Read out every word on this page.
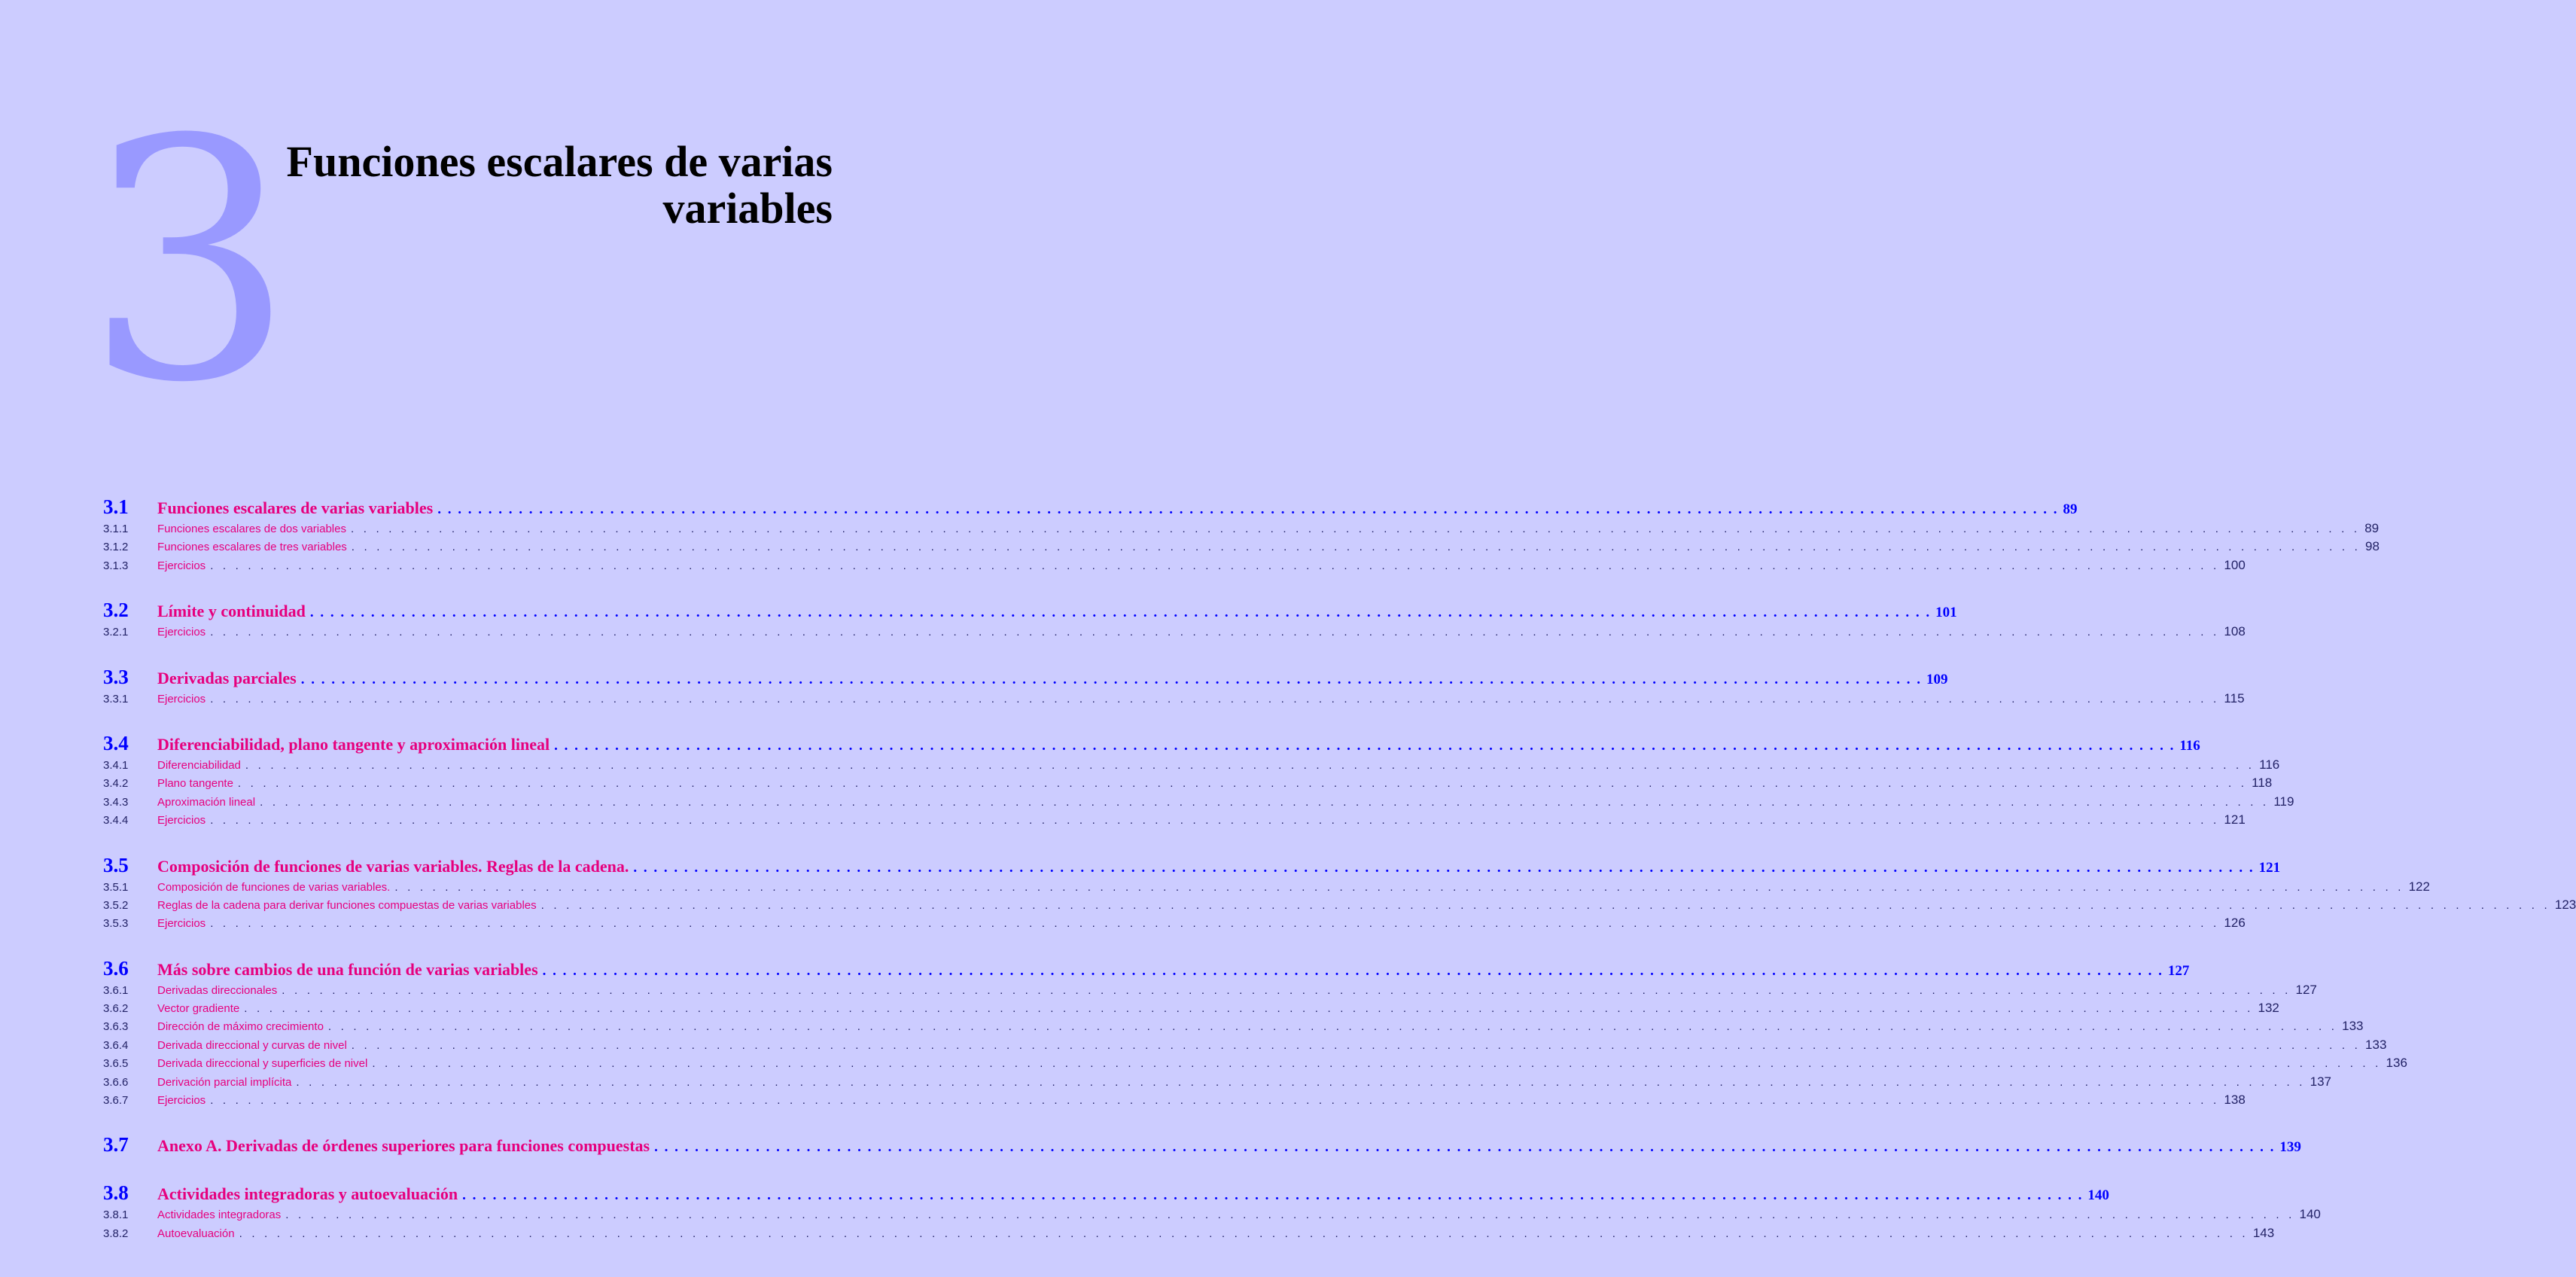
3
Funciones escalares de varias
variables
3.1	Funciones escalares de varias variables . . . . . . . . . . . . . . . . . . . . . . . . . . . . . . . . . . . . . . . . . . . . . . . . . . . . . . . . . . . . . . . . . . . . . . . . . . . . . . . . . . . . . . . . . . . . . . . . . . . . . . . . . . . . . . . . . . . . . . . . . . . . . . . . . . . . . . . . . . . . . . . . . . . . . . . . . . . . . . . . 89
3.1.1	Funciones escalares de dos variables . . . . . . . . . . . . . . . . . . . . . . . . . . . . . . . . . . . . . . . . . . . . . . . . . . . . . . . . . . . . . . . . . . . . . . . . . . . . . . . . . . . . . . . . . . . . . . . . . . . . . . . . . . . . . . . . . . . . . . . . . . . . . . . . . . . . . . . . . . . . . . . . . . . . . . . . . . . . . . . . 89
3.1.2	Funciones escalares de tres variables . . . . . . . . . . . . . . . . . . . . . . . . . . . . . . . . . . . . . . . . . . . . . . . . . . . . . . . . . . . . . . . . . . . . . . . . . . . . . . . . . . . . . . . . . . . . . . . . . . . . . . . . . . . . . . . . . . . . . . . . . . . . . . . . . . . . . . . . . . . . . . . . . . . . . . . . . . . . . . . . 98
3.1.3	Ejercicios . . . . . . . . . . . . . . . . . . . . . . . . . . . . . . . . . . . . . . . . . . . . . . . . . . . . . . . . . . . . . . . . . . . . . . . . . . . . . . . . . . . . . . . . . . . . . . . . . . . . . . . . . . . . . . . . . . . . . . . . . . . . . . . . . . . . . . . . . . . . . . . . . . . . . . . . . . . . . . . . 100
3.2	Límite y continuidad . . . . . . . . . . . . . . . . . . . . . . . . . . . . . . . . . . . . . . . . . . . . . . . . . . . . . . . . . . . . . . . . . . . . . . . . . . . . . . . . . . . . . . . . . . . . . . . . . . . . . . . . . . . . . . . . . . . . . . . . . . . . . . . . . . . . . . . . . . . . . . . . . . . . . . . . . . . . . . . . 101
3.2.1	Ejercicios . . . . . . . . . . . . . . . . . . . . . . . . . . . . . . . . . . . . . . . . . . . . . . . . . . . . . . . . . . . . . . . . . . . . . . . . . . . . . . . . . . . . . . . . . . . . . . . . . . . . . . . . . . . . . . . . . . . . . . . . . . . . . . . . . . . . . . . . . . . . . . . . . . . . . . . . . . . . . . . . 108
3.3	Derivadas parciales . . . . . . . . . . . . . . . . . . . . . . . . . . . . . . . . . . . . . . . . . . . . . . . . . . . . . . . . . . . . . . . . . . . . . . . . . . . . . . . . . . . . . . . . . . . . . . . . . . . . . . . . . . . . . . . . . . . . . . . . . . . . . . . . . . . . . . . . . . . . . . . . . . . . . . . . . . . . . . . . 109
3.3.1	Ejercicios . . . . . . . . . . . . . . . . . . . . . . . . . . . . . . . . . . . . . . . . . . . . . . . . . . . . . . . . . . . . . . . . . . . . . . . . . . . . . . . . . . . . . . . . . . . . . . . . . . . . . . . . . . . . . . . . . . . . . . . . . . . . . . . . . . . . . . . . . . . . . . . . . . . . . . . . . . . . . . . . 115
3.4	Diferenciabilidad, plano tangente y aproximación lineal . . . . . . . . . . . . . . . . . . . . . . . . . . . . . . . . . . . . . . . . . . . . . . . . . . . . . . . . . . . . . . . . . . . . . . . . . . . . . . . . . . . . . . . . . . . . . . . . . . . . . . . . . . . . . . . . . . . . . . . . . . . . . . . . . . . . . . . . . . . . . . . . . . . . . . . . . . . . . . . . 116
3.4.1	Diferenciabilidad . . . . . . . . . . . . . . . . . . . . . . . . . . . . . . . . . . . . . . . . . . . . . . . . . . . . . . . . . . . . . . . . . . . . . . . . . . . . . . . . . . . . . . . . . . . . . . . . . . . . . . . . . . . . . . . . . . . . . . . . . . . . . . . . . . . . . . . . . . . . . . . . . . . . . . . . . . . . . . . . 116
3.4.2	Plano tangente . . . . . . . . . . . . . . . . . . . . . . . . . . . . . . . . . . . . . . . . . . . . . . . . . . . . . . . . . . . . . . . . . . . . . . . . . . . . . . . . . . . . . . . . . . . . . . . . . . . . . . . . . . . . . . . . . . . . . . . . . . . . . . . . . . . . . . . . . . . . . . . . . . . . . . . . . . . . . . . . 118
3.4.3	Aproximación lineal . . . . . . . . . . . . . . . . . . . . . . . . . . . . . . . . . . . . . . . . . . . . . . . . . . . . . . . . . . . . . . . . . . . . . . . . . . . . . . . . . . . . . . . . . . . . . . . . . . . . . . . . . . . . . . . . . . . . . . . . . . . . . . . . . . . . . . . . . . . . . . . . . . . . . . . . . . . . . . . . 119
3.4.4	Ejercicios . . . . . . . . . . . . . . . . . . . . . . . . . . . . . . . . . . . . . . . . . . . . . . . . . . . . . . . . . . . . . . . . . . . . . . . . . . . . . . . . . . . . . . . . . . . . . . . . . . . . . . . . . . . . . . . . . . . . . . . . . . . . . . . . . . . . . . . . . . . . . . . . . . . . . . . . . . . . . . . . 121
3.5	Composición de funciones de varias variables. Reglas de la cadena. . . . . . . . . . . . . . . . . . . . . . . . . . . . . . . . . . . . . . . . . . . . . . . . . . . . . . . . . . . . . . . . . . . . . . . . . . . . . . . . . . . . . . . . . . . . . . . . . . . . . . . . . . . . . . . . . . . . . . . . . . . . . . . . . . . . . . . . . . . . . . . . . . . . . . . . . . . . . . . . . 121
3.5.1	Composición de funciones de varias variables. . . . . . . . . . . . . . . . . . . . . . . . . . . . . . . . . . . . . . . . . . . . . . . . . . . . . . . . . . . . . . . . . . . . . . . . . . . . . . . . . . . . . . . . . . . . . . . . . . . . . . . . . . . . . . . . . . . . . . . . . . . . . . . . . . . . . . . . . . . . . . . . . . . . . . . . . . . . . . . . . 122
3.5.2	Reglas de la cadena para derivar funciones compuestas de varias variables . . . . . . . . . . . . . . . . . . . . . . . . . . . . . . . . . . . . . . . . . . . . . . . . . . . . . . . . . . . . . . . . . . . . . . . . . . . . . . . . . . . . . . . . . . . . . . . . . . . . . . . . . . . . . . . . . . . . . . . . . . . . . . . . . . . . . . . . . . . . . . . . . . . . . . . . . . . . . . . . 123
3.5.3	Ejercicios . . . . . . . . . . . . . . . . . . . . . . . . . . . . . . . . . . . . . . . . . . . . . . . . . . . . . . . . . . . . . . . . . . . . . . . . . . . . . . . . . . . . . . . . . . . . . . . . . . . . . . . . . . . . . . . . . . . . . . . . . . . . . . . . . . . . . . . . . . . . . . . . . . . . . . . . . . . . . . . . 126
3.6	Más sobre cambios de una función de varias variables . . . . . . . . . . . . . . . . . . . . . . . . . . . . . . . . . . . . . . . . . . . . . . . . . . . . . . . . . . . . . . . . . . . . . . . . . . . . . . . . . . . . . . . . . . . . . . . . . . . . . . . . . . . . . . . . . . . . . . . . . . . . . . . . . . . . . . . . . . . . . . . . . . . . . . . . . . . . . . . . 127
3.6.1	Derivadas direccionales . . . . . . . . . . . . . . . . . . . . . . . . . . . . . . . . . . . . . . . . . . . . . . . . . . . . . . . . . . . . . . . . . . . . . . . . . . . . . . . . . . . . . . . . . . . . . . . . . . . . . . . . . . . . . . . . . . . . . . . . . . . . . . . . . . . . . . . . . . . . . . . . . . . . . . . . . . . . . . . . 127
3.6.2	Vector gradiente . . . . . . . . . . . . . . . . . . . . . . . . . . . . . . . . . . . . . . . . . . . . . . . . . . . . . . . . . . . . . . . . . . . . . . . . . . . . . . . . . . . . . . . . . . . . . . . . . . . . . . . . . . . . . . . . . . . . . . . . . . . . . . . . . . . . . . . . . . . . . . . . . . . . . . . . . . . . . . . . 132
3.6.3	Dirección de máximo crecimiento . . . . . . . . . . . . . . . . . . . . . . . . . . . . . . . . . . . . . . . . . . . . . . . . . . . . . . . . . . . . . . . . . . . . . . . . . . . . . . . . . . . . . . . . . . . . . . . . . . . . . . . . . . . . . . . . . . . . . . . . . . . . . . . . . . . . . . . . . . . . . . . . . . . . . . . . . . . . . . . . 133
3.6.4	Derivada direccional y curvas de nivel . . . . . . . . . . . . . . . . . . . . . . . . . . . . . . . . . . . . . . . . . . . . . . . . . . . . . . . . . . . . . . . . . . . . . . . . . . . . . . . . . . . . . . . . . . . . . . . . . . . . . . . . . . . . . . . . . . . . . . . . . . . . . . . . . . . . . . . . . . . . . . . . . . . . . . . . . . . . . . . . 133
3.6.5	Derivada direccional y superficies de nivel . . . . . . . . . . . . . . . . . . . . . . . . . . . . . . . . . . . . . . . . . . . . . . . . . . . . . . . . . . . . . . . . . . . . . . . . . . . . . . . . . . . . . . . . . . . . . . . . . . . . . . . . . . . . . . . . . . . . . . . . . . . . . . . . . . . . . . . . . . . . . . . . . . . . . . . . . . . . . . . . 136
3.6.6	Derivación parcial implícita . . . . . . . . . . . . . . . . . . . . . . . . . . . . . . . . . . . . . . . . . . . . . . . . . . . . . . . . . . . . . . . . . . . . . . . . . . . . . . . . . . . . . . . . . . . . . . . . . . . . . . . . . . . . . . . . . . . . . . . . . . . . . . . . . . . . . . . . . . . . . . . . . . . . . . . . . . . . . . . . 137
3.6.7	Ejercicios . . . . . . . . . . . . . . . . . . . . . . . . . . . . . . . . . . . . . . . . . . . . . . . . . . . . . . . . . . . . . . . . . . . . . . . . . . . . . . . . . . . . . . . . . . . . . . . . . . . . . . . . . . . . . . . . . . . . . . . . . . . . . . . . . . . . . . . . . . . . . . . . . . . . . . . . . . . . . . . . 138
3.7	Anexo A. Derivadas de órdenes superiores para funciones compuestas . . . . . . . . . . . . . . . . . . . . . . . . . . . . . . . . . . . . . . . . . . . . . . . . . . . . . . . . . . . . . . . . . . . . . . . . . . . . . . . . . . . . . . . . . . . . . . . . . . . . . . . . . . . . . . . . . . . . . . . . . . . . . . . . . . . . . . . . . . . . . . . . . . . . . . . . . . . . . . . . 139
3.8	Actividades integradoras y autoevaluación . . . . . . . . . . . . . . . . . . . . . . . . . . . . . . . . . . . . . . . . . . . . . . . . . . . . . . . . . . . . . . . . . . . . . . . . . . . . . . . . . . . . . . . . . . . . . . . . . . . . . . . . . . . . . . . . . . . . . . . . . . . . . . . . . . . . . . . . . . . . . . . . . . . . . . . . . . . . . . . . 140
3.8.1	Actividades integradoras . . . . . . . . . . . . . . . . . . . . . . . . . . . . . . . . . . . . . . . . . . . . . . . . . . . . . . . . . . . . . . . . . . . . . . . . . . . . . . . . . . . . . . . . . . . . . . . . . . . . . . . . . . . . . . . . . . . . . . . . . . . . . . . . . . . . . . . . . . . . . . . . . . . . . . . . . . . . . . . . 140
3.8.2	Autoevaluación . . . . . . . . . . . . . . . . . . . . . . . . . . . . . . . . . . . . . . . . . . . . . . . . . . . . . . . . . . . . . . . . . . . . . . . . . . . . . . . . . . . . . . . . . . . . . . . . . . . . . . . . . . . . . . . . . . . . . . . . . . . . . . . . . . . . . . . . . . . . . . . . . . . . . . . . . . . . . . . . 143
